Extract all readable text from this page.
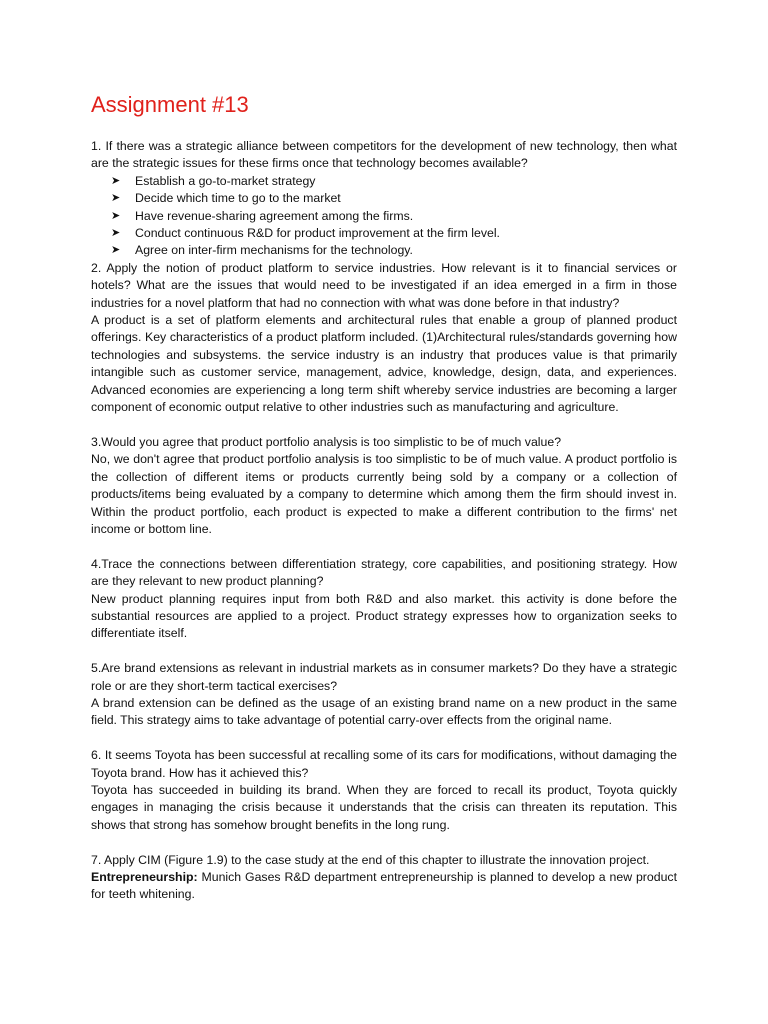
Assignment #13

1. If there was a strategic alliance between competitors for the development of new technology, then what are the strategic issues for these firms once that technology becomes available?

➤ Establish a go-to-market strategy
➤ Decide which time to go to the market
➤ Have revenue-sharing agreement among the firms.
➤ Conduct continuous R&D for product improvement at the firm level.
➤ Agree on inter-firm mechanisms for the technology.

2. Apply the notion of product platform to service industries. How relevant is it to financial services or hotels? What are the issues that would need to be investigated if an idea emerged in a firm in those industries for a novel platform that had no connection with what was done before in that industry?

A product is a set of platform elements and architectural rules that enable a group of planned product offerings. Key characteristics of a product platform included. (1)Architectural rules/standards governing how technologies and subsystems. the service industry is an industry that produces value is that primarily intangible such as customer service, management, advice, knowledge, design, data, and experiences. Advanced economies are experiencing a long term shift whereby service industries are becoming a larger component of economic output relative to other industries such as manufacturing and agriculture.

3.Would you agree that product portfolio analysis is too simplistic to be of much value?

No, we don't agree that product portfolio analysis is too simplistic to be of much value. A product portfolio is the collection of different items or products currently being sold by a company or a collection of products/items being evaluated by a company to determine which among them the firm should invest in. Within the product portfolio, each product is expected to make a different contribution to the firms' net income or bottom line.

4.Trace the connections between differentiation strategy, core capabilities, and positioning strategy. How are they relevant to new product planning?

New product planning requires input from both R&D and also market. this activity is done before the substantial resources are applied to a project. Product strategy expresses how to organization seeks to differentiate itself.

5.Are brand extensions as relevant in industrial markets as in consumer markets? Do they have a strategic role or are they short-term tactical exercises?

A brand extension can be defined as the usage of an existing brand name on a new product in the same field. This strategy aims to take advantage of potential carry-over effects from the original name.

6. It seems Toyota has been successful at recalling some of its cars for modifications, without damaging the Toyota brand. How has it achieved this?

Toyota has succeeded in building its brand. When they are forced to recall its product, Toyota quickly engages in managing the crisis because it understands that the crisis can threaten its reputation. This shows that strong has somehow brought benefits in the long rung.

7. Apply CIM (Figure 1.9) to the case study at the end of this chapter to illustrate the innovation project.

Entrepreneurship: Munich Gases R&D department entrepreneurship is planned to develop a new product for teeth whitening.
